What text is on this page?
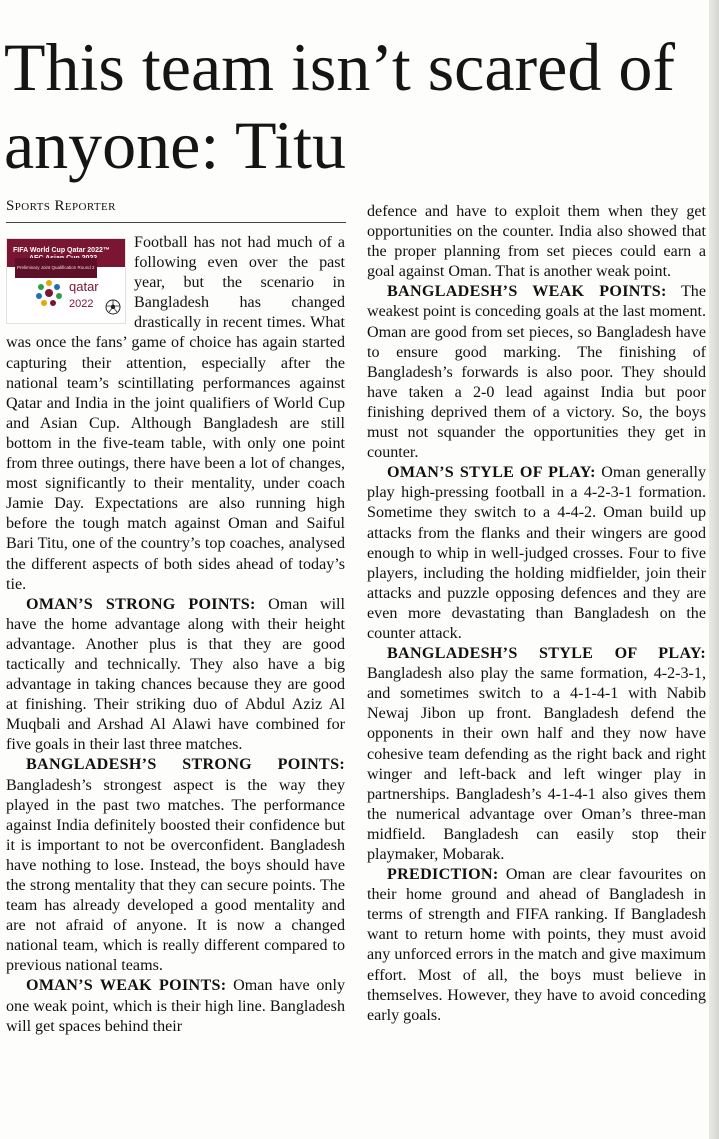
This team isn’t scared of anyone: Titu
Sports Reporter
FIFA World Cup Qatar 2022™
Preliminary Joint Qualification Round 2
qatar
2022

Football has not had much of a following even over the past year, but the scenario in Bangladesh has changed drastically in recent times. What was once the fans’ game of choice has again started capturing their attention, especially after the national team’s scintillating performances against Qatar and India in the joint qualifiers of World Cup and Asian Cup. Although Bangladesh are still bottom in the five-team table, with only one point from three outings, there have been a lot of changes, most significantly to their mentality, under coach Jamie Day. Expectations are also running high before the tough match against Oman and Saiful Bari Titu, one of the country’s top coaches, analysed the different aspects of both sides ahead of today’s tie.

OMAN’S STRONG POINTS: Oman will have the home advantage along with their height advantage. Another plus is that they are good tactically and technically. They also have a big advantage in taking chances because they are good at finishing. Their striking duo of Abdul Aziz Al Muqbali and Arshad Al Alawi have combined for five goals in their last three matches.

BANGLADESH’S STRONG POINTS: Bangladesh’s strongest aspect is the way they played in the past two matches. The performance against India definitely boosted their confidence but it is important to not be overconfident. Bangladesh have nothing to lose. Instead, the boys should have the strong mentality that they can secure points. The team has already developed a good mentality and are not afraid of anyone. It is now a changed national team, which is really different compared to previous national teams.

OMAN’S WEAK POINTS: Oman have only one weak point, which is their high line. Bangladesh will get spaces behind their

defence and have to exploit them when they get opportunities on the counter. India also showed that the proper planning from set pieces could earn a goal against Oman. That is another weak point.

BANGLADESH’S WEAK POINTS: The weakest point is conceding goals at the last moment. Oman are good from set pieces, so Bangladesh have to ensure good marking. The finishing of Bangladesh’s forwards is also poor. They should have taken a 2-0 lead against India but poor finishing deprived them of a victory. So, the boys must not squander the opportunities they get in counter.

OMAN’S STYLE OF PLAY: Oman generally play high-pressing football in a 4-2-3-1 formation. Sometime they switch to a 4-4-2. Oman build up attacks from the flanks and their wingers are good enough to whip in well-judged crosses. Four to five players, including the holding midfielder, join their attacks and puzzle opposing defences and they are even more devastating than Bangladesh on the counter attack.

BANGLADESH’S STYLE OF PLAY: Bangladesh also play the same formation, 4-2-3-1, and sometimes switch to a 4-1-4-1 with Nabib Newaj Jibon up front. Bangladesh defend the opponents in their own half and they now have cohesive team defending as the right back and right winger and left-back and left winger play in partnerships. Bangladesh’s 4-1-4-1 also gives them the numerical advantage over Oman’s three-man midfield. Bangladesh can easily stop their playmaker, Mobarak.

PREDICTION: Oman are clear favourites on their home ground and ahead of Bangladesh in terms of strength and FIFA ranking. If Bangladesh want to return home with points, they must avoid any unforced errors in the match and give maximum effort. Most of all, the boys must believe in themselves. However, they have to avoid conceding early goals.
